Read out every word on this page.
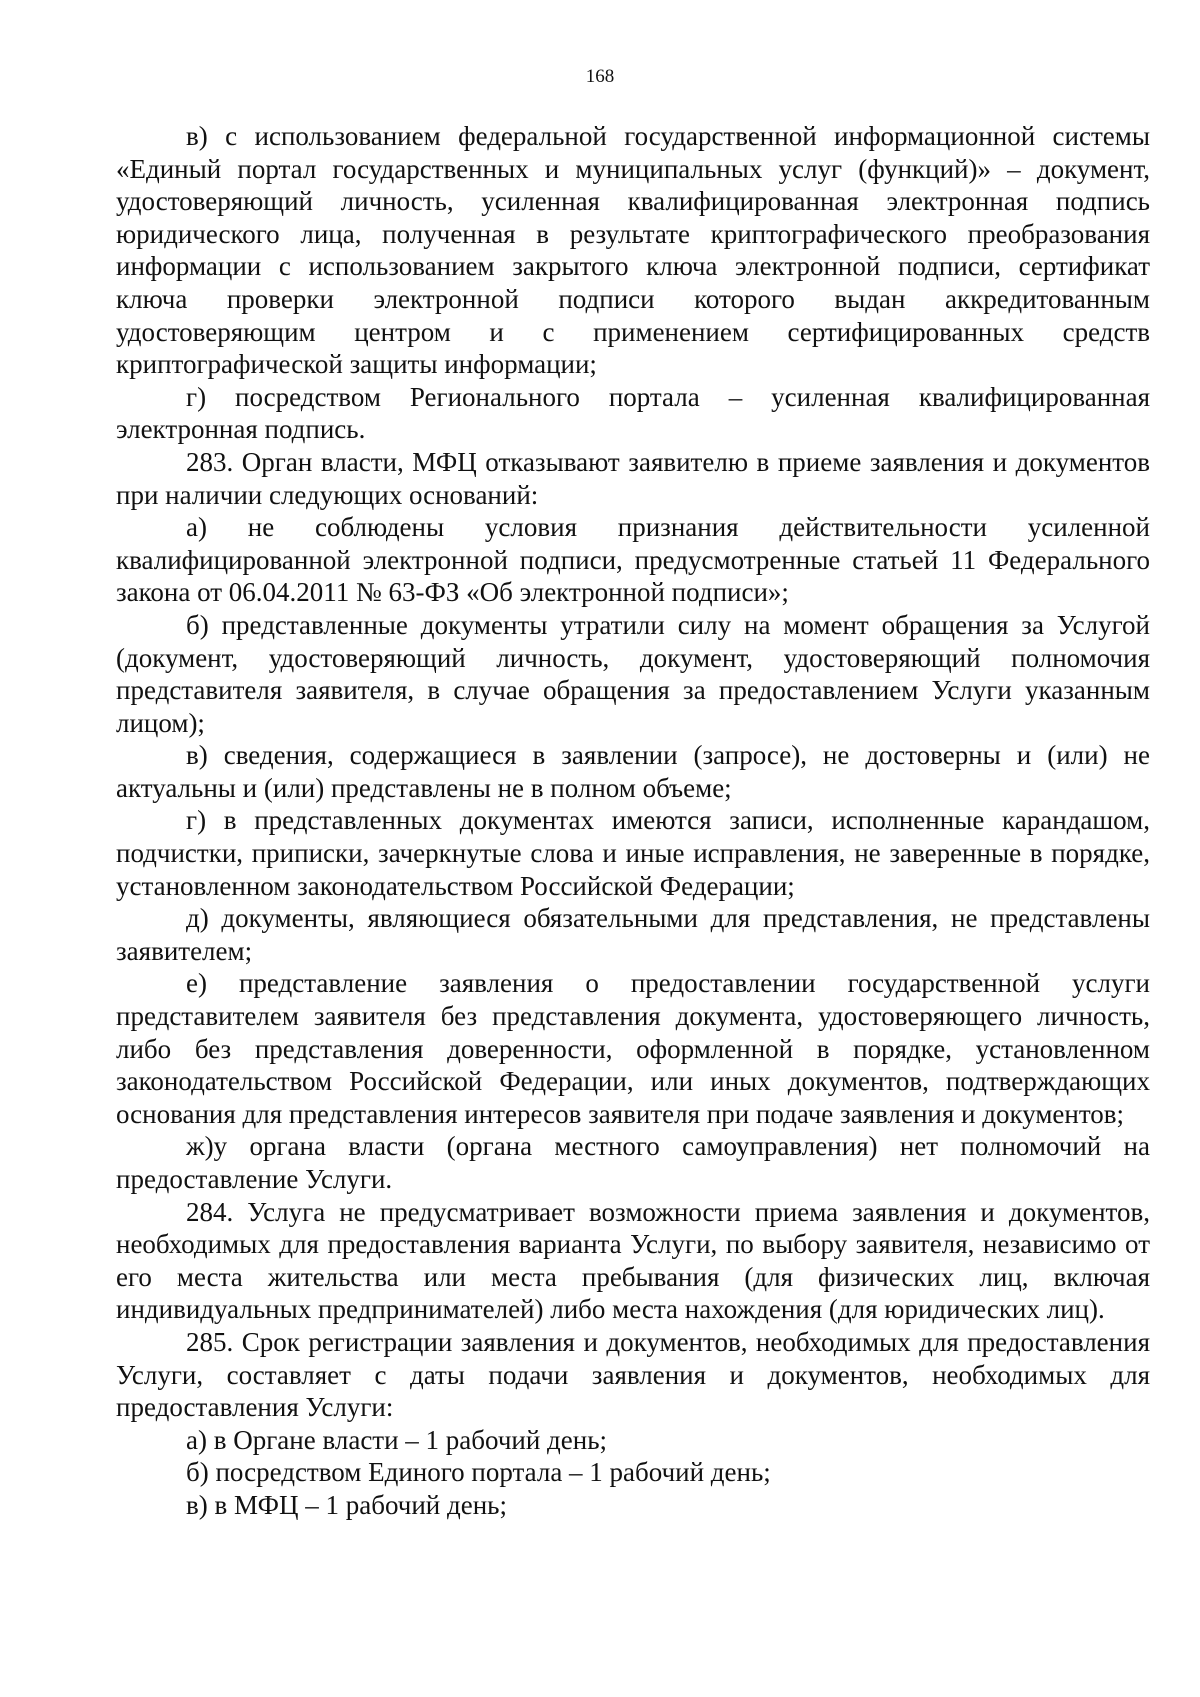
168

в) с использованием федеральной государственной информационной системы «Единый портал государственных и муниципальных услуг (функций)» – документ, удостоверяющий личность, усиленная квалифицированная электронная подпись юридического лица, полученная в результате криптографического преобразования информации с использованием закрытого ключа электронной подписи, сертификат ключа проверки электронной подписи которого выдан аккредитованным удостоверяющим центром и с применением сертифицированных средств криптографической защиты информации;

г) посредством Регионального портала – усиленная квалифицированная электронная подпись.

283. Орган власти, МФЦ отказывают заявителю в приеме заявления и документов при наличии следующих оснований:

а) не соблюдены условия признания действительности усиленной квалифицированной электронной подписи, предусмотренные статьей 11 Федерального закона от 06.04.2011 № 63-ФЗ «Об электронной подписи»;

б) представленные документы утратили силу на момент обращения за Услугой (документ, удостоверяющий личность, документ, удостоверяющий полномочия представителя заявителя, в случае обращения за предоставлением Услуги указанным лицом);

в) сведения, содержащиеся в заявлении (запросе), не достоверны и (или) не актуальны и (или) представлены не в полном объеме;

г) в представленных документах имеются записи, исполненные карандашом, подчистки, приписки, зачеркнутые слова и иные исправления, не заверенные в порядке, установленном законодательством Российской Федерации;

д) документы, являющиеся обязательными для представления, не представлены заявителем;

е) представление заявления о предоставлении государственной услуги представителем заявителя без представления документа, удостоверяющего личность, либо без представления доверенности, оформленной в порядке, установленном законодательством Российской Федерации, или иных документов, подтверждающих основания для представления интересов заявителя при подаче заявления и документов;

ж)у органа власти (органа местного самоуправления) нет полномочий на предоставление Услуги.

284. Услуга не предусматривает возможности приема заявления и документов, необходимых для предоставления варианта Услуги, по выбору заявителя, независимо от его места жительства или места пребывания (для физических лиц, включая индивидуальных предпринимателей) либо места нахождения (для юридических лиц).

285. Срок регистрации заявления и документов, необходимых для предоставления Услуги, составляет с даты подачи заявления и документов, необходимых для предоставления Услуги:

а) в Органе власти – 1 рабочий день;

б) посредством Единого портала – 1 рабочий день;

в) в МФЦ – 1 рабочий день;
